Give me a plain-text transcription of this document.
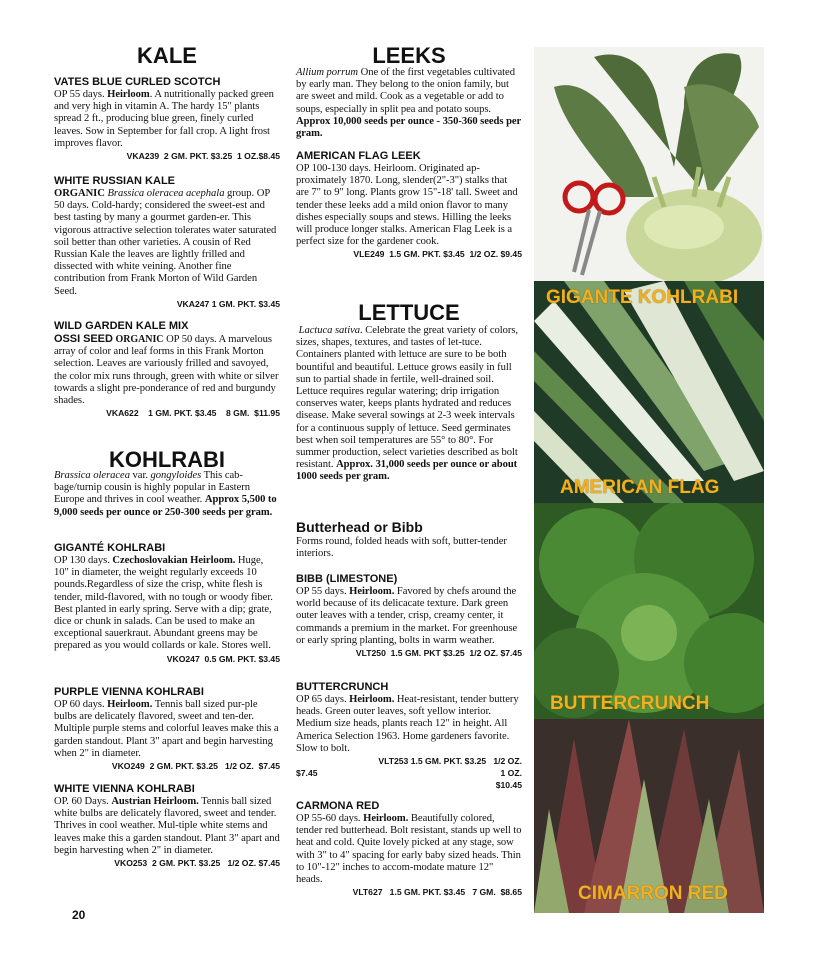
KALE

VATES BLUE CURLED SCOTCH

OP 55 days. Heirloom. A nutritionally packed green and very high in vitamin A. The hardy 15" plants spread 2 ft., producing blue green, finely curled leaves. Sow in September for fall crop. A light frost improves flavor.

VKA239  2 GM. PKT. $3.25  1 OZ.$8.45

WHITE RUSSIAN KALE

ORGANIC Brassica oleracea acephala group. OP 50 days. Cold-hardy; considered the sweet-est and best tasting by many a gourmet garden-er. This vigorous attractive selection tolerates water saturated soil better than other varieties. A cousin of Red Russian Kale the leaves are lightly frilled and dissected with white veining. Another fine contribution from Frank Morton of Wild Garden Seed.

VKA247 1 GM. PKT. $3.45

WILD GARDEN KALE MIX

OSSI SEED ORGANIC OP 50 days. A marvelous array of color and leaf forms in this Frank Morton selection. Leaves are variously frilled and savoyed, the color mix runs through, green with white or silver towards a slight pre-ponderance of red and burgundy shades.

VKA622    1 GM. PKT. $3.45    8 GM.  $11.95

KOHLRABI

Brassica oleracea var. gongyloides This cab-bage/turnip cousin is highly popular in Eastern Europe and thrives in cool weather. Approx 5,500 to 9,000 seeds per ounce or 250-300 seeds per gram.

GIGANTÉ KOHLRABI

OP 130 days. Czechoslovakian Heirloom. Huge, 10" in diameter, the weight regularly exceeds 10 pounds.Regardless of size the crisp, white flesh is tender, mild-flavored, with no tough or woody fiber. Best planted in early spring. Serve with a dip; grate, dice or chunk in salads. Can be used to make an exceptional sauerkraut. Abundant greens may be prepared as you would collards or kale. Stores well.

VKO247  0.5 GM. PKT. $3.45

PURPLE VIENNA KOHLRABI

OP 60 days. Heirloom. Tennis ball sized pur-ple bulbs are delicately flavored, sweet and ten-der. Multiple purple stems and colorful leaves make this a garden standout. Plant 3" apart and begin harvesting when 2" in diameter.

VKO249  2 GM. PKT. $3.25   1/2 OZ.  $7.45

WHITE VIENNA KOHLRABI

OP. 60 Days. Austrian Heirloom. Tennis ball sized white bulbs are delicately flavored, sweet and tender. Thrives in cool weather. Mul-tiple white stems and leaves make this a garden standout. Plant 3" apart and begin harvesting when 2" in diameter.

VKO253  2 GM. PKT. $3.25   1/2 OZ. $7.45

LEEKS

Allium porrum One of the first vegetables cultivated by early man. They belong to the onion family, but are sweet and mild. Cook as a vegetable or add to soups, especially in split pea and potato soups. Approx 10,000 seeds per ounce - 350-360 seeds per gram.

AMERICAN FLAG LEEK

OP 100-130 days. Heirloom. Originated ap-proximately 1870. Long, slender(2"-3") stalks that are 7" to 9" long. Plants grow 15"-18' tall. Sweet and tender these leeks add a mild onion flavor to many dishes especially soups and stews. Hilling the leeks will produce longer stalks. American Flag Leek is a perfect size for the gardener cook.

VLE249  1.5 GM. PKT. $3.45  1/2 OZ. $9.45

LETTUCE

Lactuca sativa. Celebrate the great variety of colors, sizes, shapes, textures, and tastes of let-tuce. Containers planted with lettuce are sure to be both bountiful and beautiful. Lettuce grows easily in full sun to partial shade in fertile, well-drained soil. Lettuce requires regular watering; drip irrigation conserves water, keeps plants hydrated and reduces disease. Make several sowings at 2-3 week intervals for a continuous supply of lettuce. Seed germinates best when soil temperatures are 55° to 80°. For summer production, select varieties described as bolt resistant. Approx. 31,000 seeds per ounce or about 1000 seeds per gram.

Butterhead or Bibb

Forms round, folded heads with soft, butter-tender interiors.

BIBB (LIMESTONE)

OP 55 days. Heirloom. Favored by chefs around the world because of its delicacate texture. Dark green outer leaves with a tender, crisp, creamy center, it commands a premium in the market. For greenhouse or early spring planting, bolts in warm weather.

VLT250  1.5 GM. PKT $3.25  1/2 OZ. $7.45

BUTTERCRUNCH

OP 65 days. Heirloom. Heat-resistant, tender buttery heads. Green outer leaves, soft yellow interior. Medium size heads, plants reach 12" in height. All America Selection 1963. Home gardeners favorite. Slow to bolt.

VLT253 1.5 GM. PKT. $3.25   1/2 OZ.

$7.45	1 OZ.

$10.45

CARMONA RED

OP 55-60 days. Heirloom. Beautifully colored, tender red butterhead. Bolt resistant, stands up well to heat and cold. Quite lovely picked at any stage, sow with 3" to 4" spacing for early baby sized heads. Thin to 10"-12" inches to accom-modate mature 12" heads.

VLT627   1.5 GM. PKT. $3.45   7 GM.  $8.65

GIGANTE KOHLRABI
AMERICAN FLAG
BUTTERCRUNCH
CIMARRON RED
20
